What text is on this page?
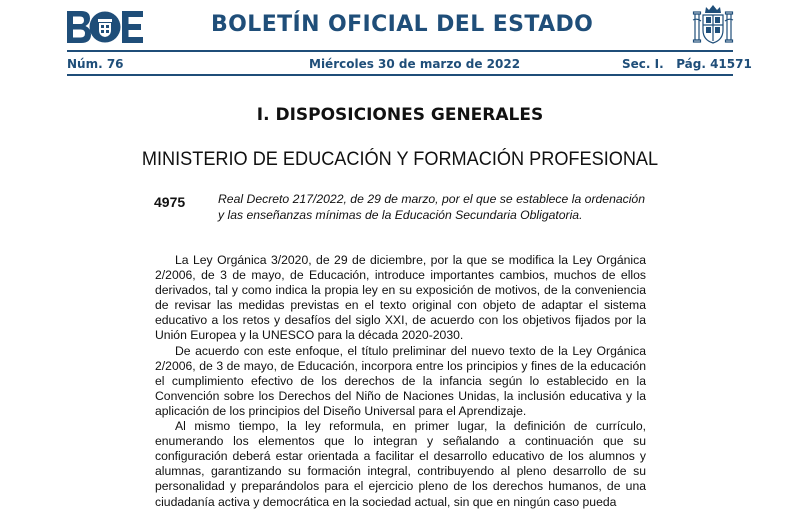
BOLETÍN OFICIAL DEL ESTADO
Núm. 76	Miércoles 30 de marzo de 2022	Sec. I.   Pág. 41571
I. DISPOSICIONES GENERALES
MINISTERIO DE EDUCACIÓN Y FORMACIÓN PROFESIONAL
4975	Real Decreto 217/2022, de 29 de marzo, por el que se establece la ordenación y las enseñanzas mínimas de la Educación Secundaria Obligatoria.

La Ley Orgánica 3/2020, de 29 de diciembre, por la que se modifica la Ley Orgánica 2/2006, de 3 de mayo, de Educación, introduce importantes cambios, muchos de ellos derivados, tal y como indica la propia ley en su exposición de motivos, de la conveniencia de revisar las medidas previstas en el texto original con objeto de adaptar el sistema educativo a los retos y desafíos del siglo XXI, de acuerdo con los objetivos fijados por la Unión Europea y la UNESCO para la década 2020-2030.

De acuerdo con este enfoque, el título preliminar del nuevo texto de la Ley Orgánica 2/2006, de 3 de mayo, de Educación, incorpora entre los principios y fines de la educación el cumplimiento efectivo de los derechos de la infancia según lo establecido en la Convención sobre los Derechos del Niño de Naciones Unidas, la inclusión educativa y la aplicación de los principios del Diseño Universal para el Aprendizaje.

Al mismo tiempo, la ley reformula, en primer lugar, la definición de currículo, enumerando los elementos que lo integran y señalando a continuación que su configuración deberá estar orientada a facilitar el desarrollo educativo de los alumnos y alumnas, garantizando su formación integral, contribuyendo al pleno desarrollo de su personalidad y preparándolos para el ejercicio pleno de los derechos humanos, de una ciudadanía activa y democrática en la sociedad actual, sin que en ningún caso pueda
